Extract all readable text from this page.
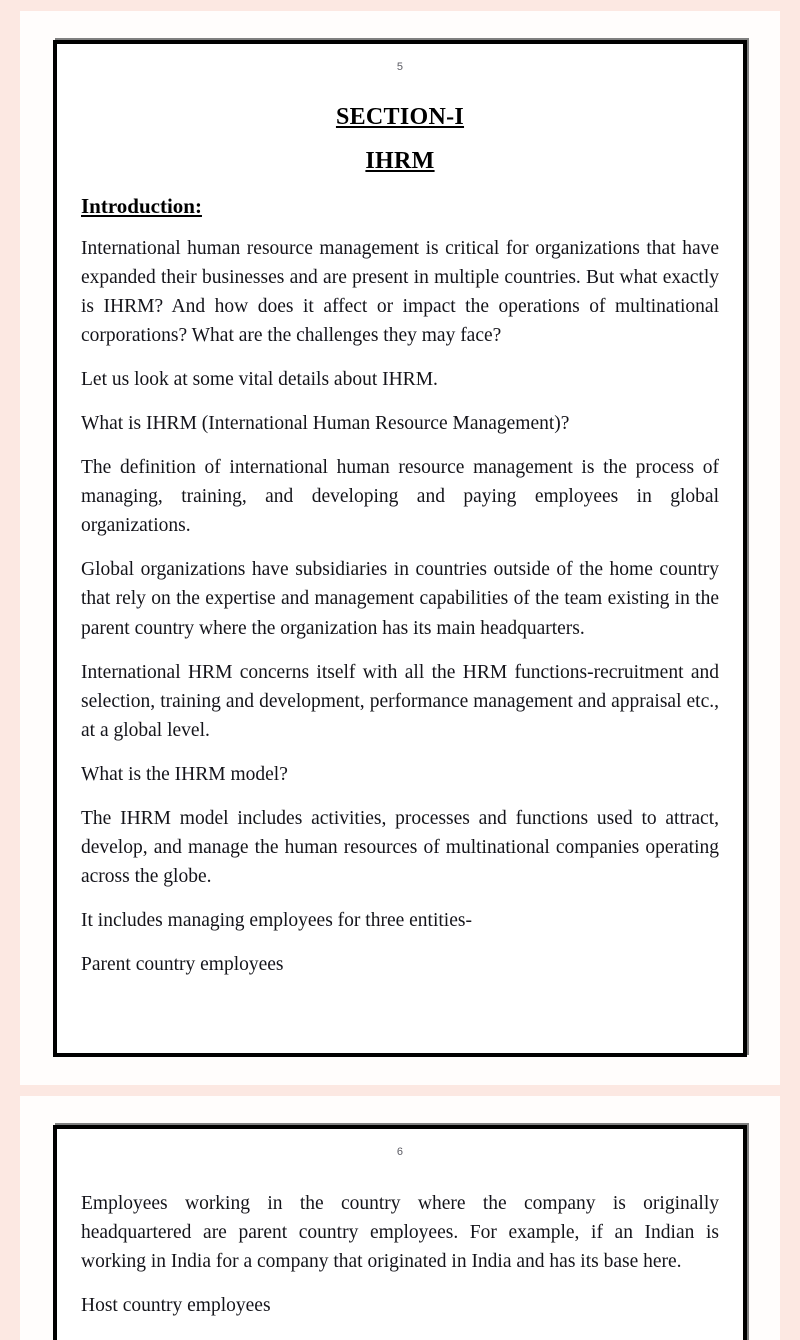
5
SECTION-I
IHRM
Introduction:

International human resource management is critical for organizations that have expanded their businesses and are present in multiple countries. But what exactly is IHRM? And how does it affect or impact the operations of multinational corporations? What are the challenges they may face?

Let us look at some vital details about IHRM.

What is IHRM (International Human Resource Management)?

The definition of international human resource management is the process of managing, training, and developing and paying employees in global organizations.

Global organizations have subsidiaries in countries outside of the home country that rely on the expertise and management capabilities of the team existing in the parent country where the organization has its main headquarters.

International HRM concerns itself with all the HRM functions-recruitment and selection, training and development, performance management and appraisal etc., at a global level.

What is the IHRM model?

The IHRM model includes activities, processes and functions used to attract, develop, and manage the human resources of multinational companies operating across the globe.

It includes managing employees for three entities-

Parent country employees

6

Employees working in the country where the company is originally headquartered are parent country employees. For example, if an Indian is working in India for a company that originated in India and has its base here.

Host country employees
